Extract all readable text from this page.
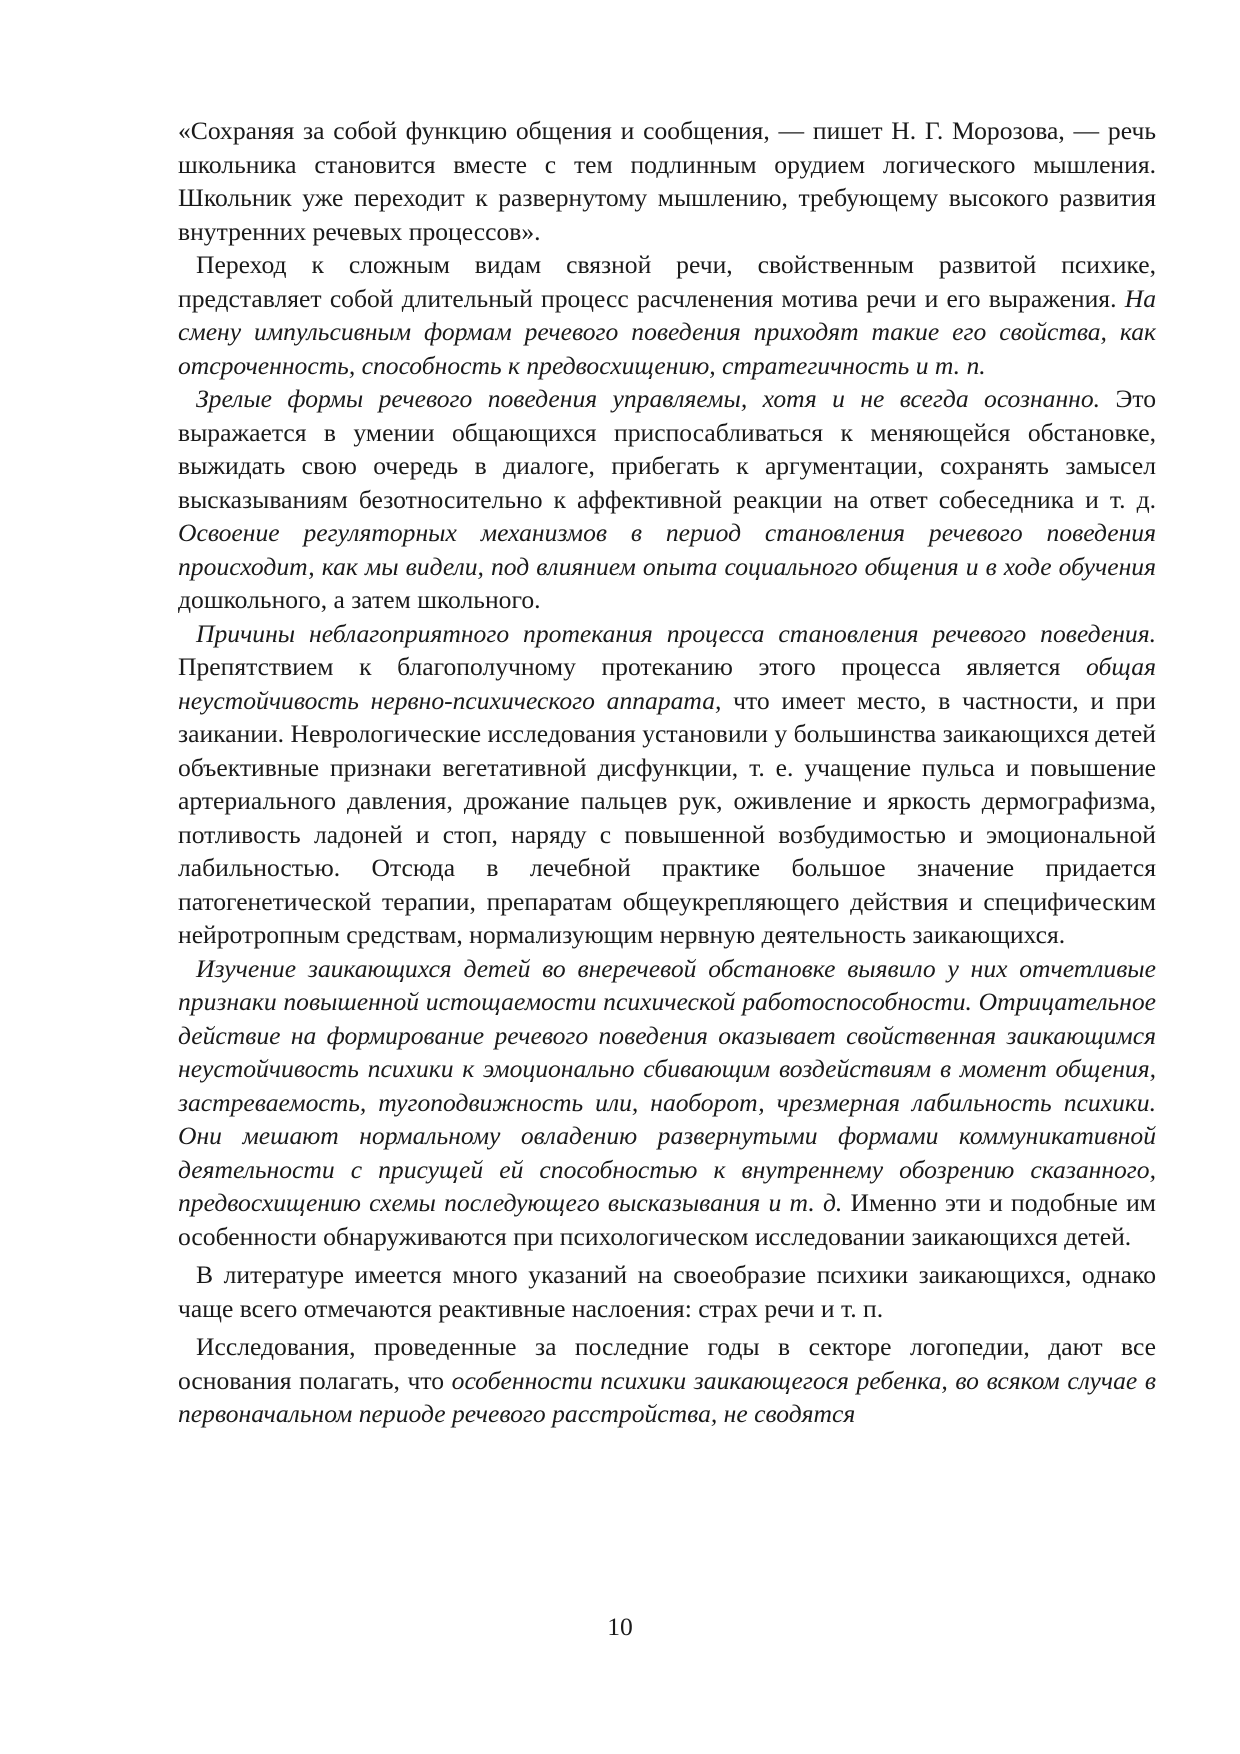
«Сохраняя за собой функцию общения и сообщения, — пишет Н. Г. Морозова, — речь школьника становится вместе с тем подлинным орудием логического мышления. Школьник уже переходит к развернутому мышлению, требующему высокого развития внутренних речевых процессов».

Переход к сложным видам связной речи, свойственным развитой психике, представляет собой длительный процесс расчленения мотива речи и его выражения. На смену импульсивным формам речевого поведения приходят такие его свойства, как отсроченность, способность к предвосхищению, стратегичность и т. п.

Зрелые формы речевого поведения управляемы, хотя и не всегда осознанно. Это выражается в умении общающихся приспосабливаться к меняющейся обстановке, выжидать свою очередь в диалоге, прибегать к аргументации, сохранять замысел высказываниям безотносительно к аффективной реакции на ответ собеседника и т. д. Освоение регуляторных механизмов в период становления речевого поведения происходит, как мы видели, под влиянием опыта социального общения и в ходе обучения дошкольного, а затем школьного.

Причины неблагоприятного протекания процесса становления речевого поведения. Препятствием к благополучному протеканию этого процесса является общая неустойчивость нервно-психического аппарата, что имеет место, в частности, и при заикании. Неврологические исследования установили у большинства заикающихся детей объективные признаки вегетативной дисфункции, т. е. учащение пульса и повышение артериального давления, дрожание пальцев рук, оживление и яркость дермографизма, потливость ладоней и стоп, наряду с повышенной возбудимостью и эмоциональной лабильностью. Отсюда в лечебной практике большое значение придается патогенетической терапии, препаратам общеукрепляющего действия и специфическим нейротропным средствам, нормализующим нервную деятельность заикающихся.

Изучение заикающихся детей во внеречевой обстановке выявило у них отчетливые признаки повышенной истощаемости психической работоспособности. Отрицательное действие на формирование речевого поведения оказывает свойственная заикающимся неустойчивость психики к эмоционально сбивающим воздействиям в момент общения, застреваемость, тугоподвижность или, наоборот, чрезмерная лабильность психики. Они мешают нормальному овладению развернутыми формами коммуникативной деятельности с присущей ей способностью к внутреннему обозрению сказанного, предвосхищению схемы последующего высказывания и т. д. Именно эти и подобные им особенности обнаруживаются при психологическом исследовании заикающихся детей.

В литературе имеется много указаний на своеобразие психики заикающихся, однако чаще всего отмечаются реактивные наслоения: страх речи и т. п.

Исследования, проведенные за последние годы в секторе логопедии, дают все основания полагать, что особенности психики заикающегося ребенка, во всяком случае в первоначальном периоде речевого расстройства, не сводятся

10
